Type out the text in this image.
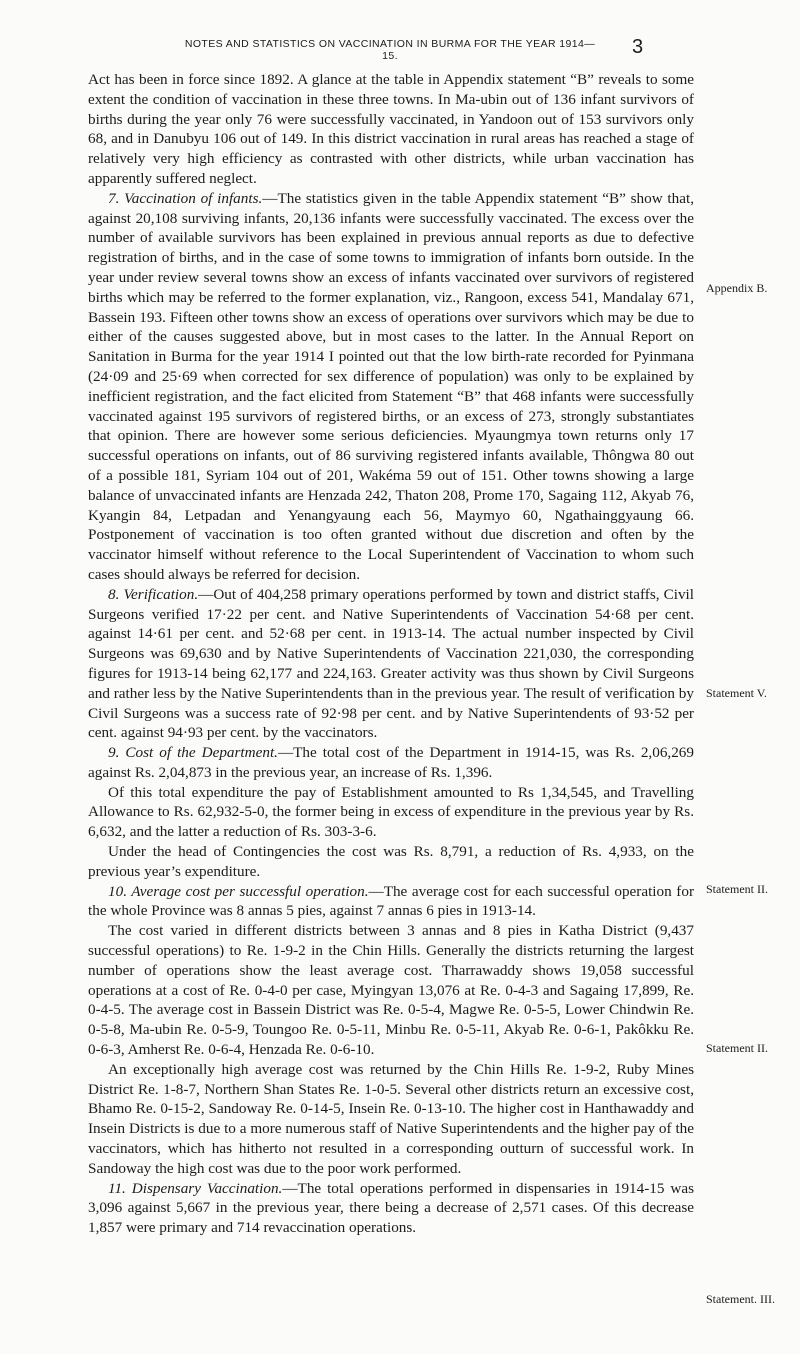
NOTES AND STATISTICS ON VACCINATION IN BURMA FOR THE YEAR 1914—15.	3

Act has been in force since 1892. A glance at the table in Appendix statement “B” reveals to some extent the condition of vaccination in these three towns. In Ma-ubin out of 136 infant survivors of births during the year only 76 were successfully vaccinated, in Yandoon out of 153 survivors only 68, and in Danubyu 106 out of 149. In this district vaccination in rural areas has reached a stage of relatively very high efficiency as contrasted with other districts, while urban vaccination has apparently suffered neglect.

7. Vaccination of infants.—The statistics given in the table Appendix statement “B” show that, against 20,108 surviving infants, 20,136 infants were successfully vaccinated. The excess over the number of available survivors has been explained in previous annual reports as due to defective registration of births, and in the case of some towns to immigration of infants born outside. In the year under review several towns show an excess of infants vaccinated over survivors of registered births which may be referred to the former explanation, viz., Rangoon, excess 541, Mandalay 671, Bassein 193. Fifteen other towns show an excess of operations over survivors which may be due to either of the causes suggested above, but in most cases to the latter. In the Annual Report on Sanitation in Burma for the year 1914 I pointed out that the low birth-rate recorded for Pyinmana (24·09 and 25·69 when corrected for sex difference of population) was only to be explained by inefficient registration, and the fact elicited from Statement “B” that 468 infants were successfully vaccinated against 195 survivors of registered births, or an excess of 273, strongly substantiates that opinion. There are however some serious deficiencies. Myaungmya town returns only 17 successful operations on infants, out of 86 surviving registered infants available, Thôngwa 80 out of a possible 181, Syriam 104 out of 201, Wakéma 59 out of 151. Other towns showing a large balance of unvaccinated infants are Henzada 242, Thaton 208, Prome 170, Sagaing 112, Akyab 76, Kyangin 84, Letpadan and Yenangyaung each 56, Maymyo 60, Ngathainggyaung 66. Postponement of vaccination is too often granted without due discretion and often by the vaccinator himself without reference to the Local Superintendent of Vaccination to whom such cases should always be referred for decision.

8. Verification.—Out of 404,258 primary operations performed by town and district staffs, Civil Surgeons verified 17·22 per cent. and Native Superintendents of Vaccination 54·68 per cent. against 14·61 per cent. and 52·68 per cent. in 1913-14. The actual number inspected by Civil Surgeons was 69,630 and by Native Superintendents of Vaccination 221,030, the corresponding figures for 1913-14 being 62,177 and 224,163. Greater activity was thus shown by Civil Surgeons and rather less by the Native Superintendents than in the previous year. The result of verification by Civil Surgeons was a success rate of 92·98 per cent. and by Native Superintendents of 93·52 per cent. against 94·93 per cent. by the vaccinators.

9. Cost of the Department.—The total cost of the Department in 1914-15, was Rs. 2,06,269 against Rs. 2,04,873 in the previous year, an increase of Rs. 1,396.

Of this total expenditure the pay of Establishment amounted to Rs 1,34,545, and Travelling Allowance to Rs. 62,932-5-0, the former being in excess of expenditure in the previous year by Rs. 6,632, and the latter a reduction of Rs. 303-3-6.

Under the head of Contingencies the cost was Rs. 8,791, a reduction of Rs. 4,933, on the previous year’s expenditure.

10. Average cost per successful operation.—The average cost for each successful operation for the whole Province was 8 annas 5 pies, against 7 annas 6 pies in 1913-14.

The cost varied in different districts between 3 annas and 8 pies in Katha District (9,437 successful operations) to Re. 1-9-2 in the Chin Hills. Generally the districts returning the largest number of operations show the least average cost. Tharrawaddy shows 19,058 successful operations at a cost of Re. 0-4-0 per case, Myingyan 13,076 at Re. 0-4-3 and Sagaing 17,899, Re. 0-4-5. The average cost in Bassein District was Re. 0-5-4, Magwe Re. 0-5-5, Lower Chindwin Re. 0-5-8, Ma-ubin Re. 0-5-9, Toungoo Re. 0-5-11, Minbu Re. 0-5-11, Akyab Re. 0-6-1, Pakôkku Re. 0-6-3, Amherst Re. 0-6-4, Henzada Re. 0-6-10.

An exceptionally high average cost was returned by the Chin Hills Re. 1-9-2, Ruby Mines District Re. 1-8-7, Northern Shan States Re. 1-0-5. Several other districts return an excessive cost, Bhamo Re. 0-15-2, Sandoway Re. 0-14-5, Insein Re. 0-13-10. The higher cost in Hanthawaddy and Insein Districts is due to a more numerous staff of Native Superintendents and the higher pay of the vaccinators, which has hitherto not resulted in a corresponding outturn of successful work. In Sandoway the high cost was due to the poor work performed.

11. Dispensary Vaccination.—The total operations performed in dispensaries in 1914-15 was 3,096 against 5,667 in the previous year, there being a decrease of 2,571 cases. Of this decrease 1,857 were primary and 714 revaccination operations.

Appendix B.
Statement V.
Statement II.
Statement II.
Statement. III.
